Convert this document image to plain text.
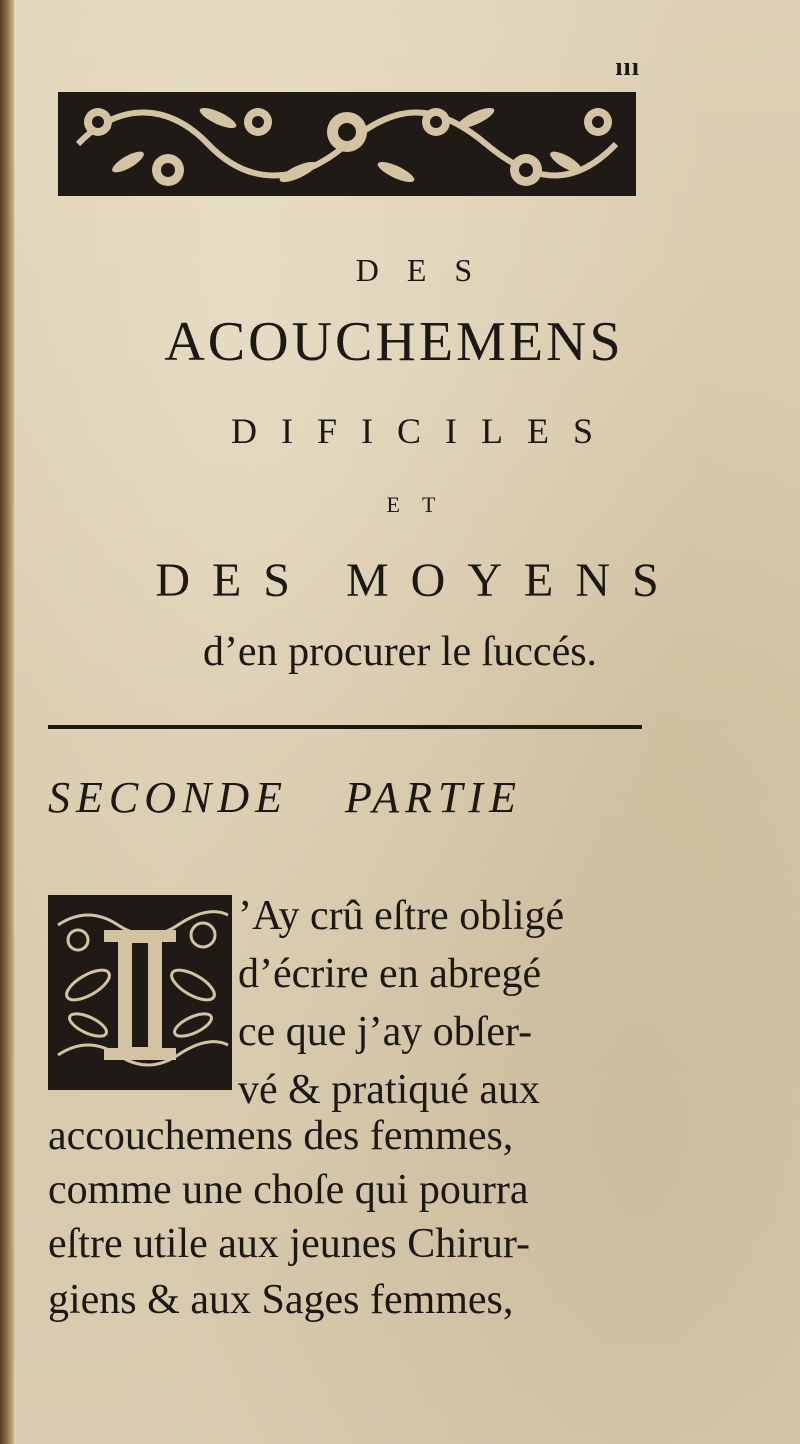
ııı
DES
ACOUCHEMENS
DIFICILES
ET
DES MOYENS
d’en procurer le ſuccés.
SECONDE PARTIE
’Ay crû eſtre obligé
d’écrire en abregé
ce que j’ay obſer-
vé & pratiqué aux
accouchemens des femmes,
comme une choſe qui pourra
eſtre utile aux jeunes Chirur-
giens & aux Sages femmes,
